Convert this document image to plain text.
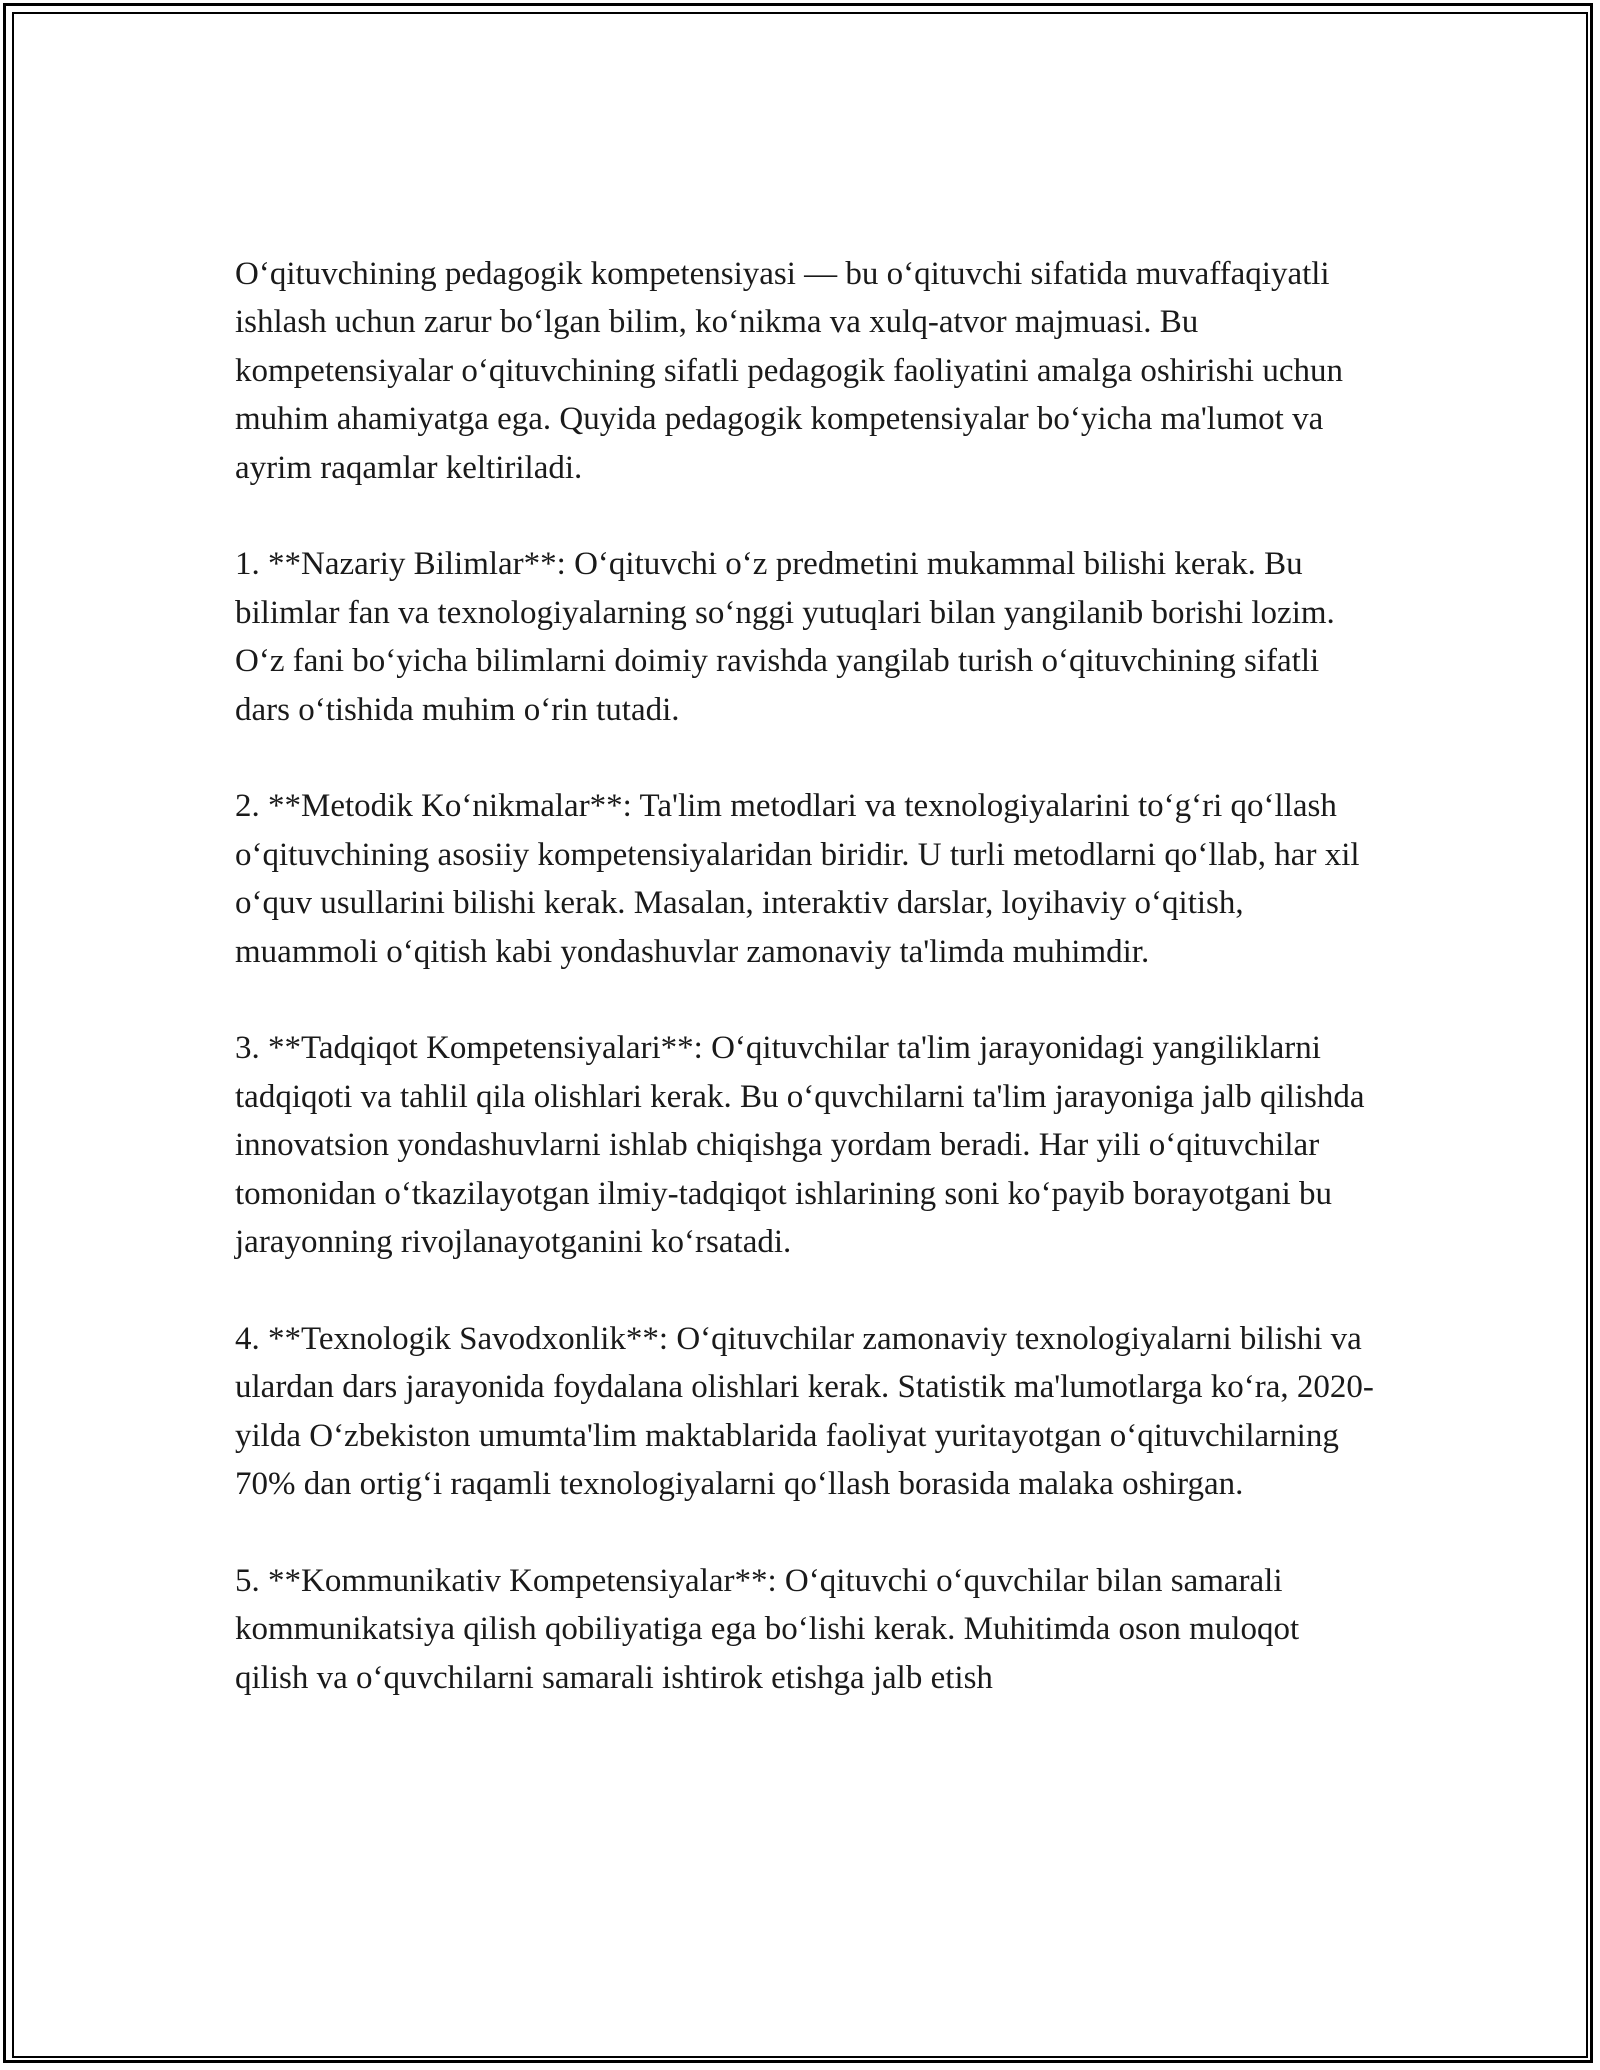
O‘qituvchining pedagogik kompetensiyasi — bu o‘qituvchi sifatida muvaffaqiyatli ishlash uchun zarur bo‘lgan bilim, ko‘nikma va xulq-atvor majmuasi. Bu kompetensiyalar o‘qituvchining sifatli pedagogik faoliyatini amalga oshirishi uchun muhim ahamiyatga ega. Quyida pedagogik kompetensiyalar bo‘yicha ma'lumot va ayrim raqamlar keltiriladi.

1. **Nazariy Bilimlar**: O‘qituvchi o‘z predmetini mukammal bilishi kerak. Bu bilimlar fan va texnologiyalarning so‘nggi yutuqlari bilan yangilanib borishi lozim. O‘z fani bo‘yicha bilimlarni doimiy ravishda yangilab turish o‘qituvchining sifatli dars o‘tishida muhim o‘rin tutadi.

2. **Metodik Ko‘nikmalar**: Ta'lim metodlari va texnologiyalarini to‘g‘ri qo‘llash o‘qituvchining asosiiy kompetensiyalaridan biridir. U turli metodlarni qo‘llab, har xil o‘quv usullarini bilishi kerak. Masalan, interaktiv darslar, loyihaviy o‘qitish, muammoli o‘qitish kabi yondashuvlar zamonaviy ta'limda muhimdir.

3. **Tadqiqot Kompetensiyalari**: O‘qituvchilar ta'lim jarayonidagi yangiliklarni tadqiqoti va tahlil qila olishlari kerak. Bu o‘quvchilarni ta'lim jarayoniga jalb qilishda innovatsion yondashuvlarni ishlab chiqishga yordam beradi. Har yili o‘qituvchilar tomonidan o‘tkazilayotgan ilmiy-tadqiqot ishlarining soni ko‘payib borayotgani bu jarayonning rivojlanayotganini ko‘rsatadi.

4. **Texnologik Savodxonlik**: O‘qituvchilar zamonaviy texnologiyalarni bilishi va ulardan dars jarayonida foydalana olishlari kerak. Statistik ma'lumotlarga ko‘ra, 2020-yilda O‘zbekiston umumta'lim maktablarida faoliyat yuritayotgan o‘qituvchilarning 70% dan ortig‘i raqamli texnologiyalarni qo‘llash borasida malaka oshirgan.

5. **Kommunikativ Kompetensiyalar**: O‘qituvchi o‘quvchilar bilan samarali kommunikatsiya qilish qobiliyatiga ega bo‘lishi kerak. Muhitimda oson muloqot qilish va o‘quvchilarni samarali ishtirok etishga jalb etish
